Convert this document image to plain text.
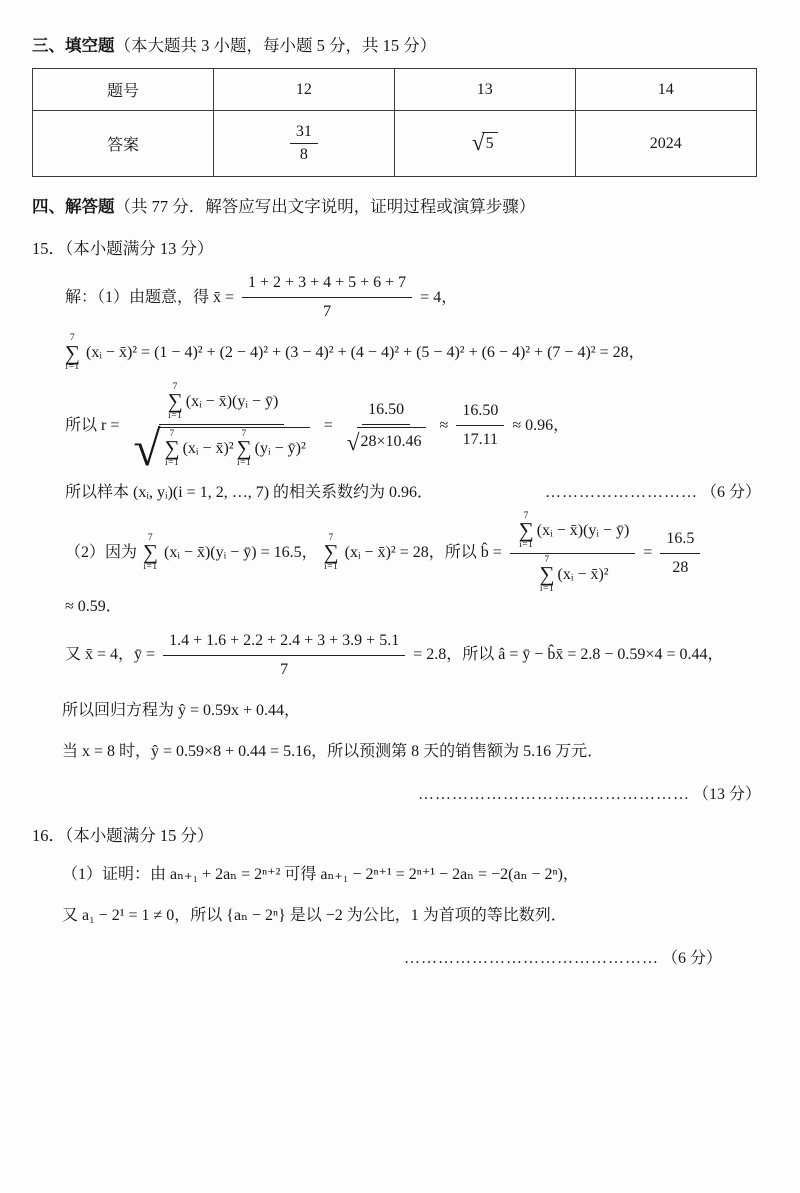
三、填空题（本大题共 3 小题，每小题 5 分，共 15 分）
题号	12	13	14
答案	$\frac{31}{8}$	√ 5	2024
四、解答题（共 77 分．解答应写出文字说明，证明过程或演算步骤）

15．（本小题满分 13 分）

解：（1）由题意，得 x̄ = $\frac{1 + 2 + 3 + 4 + 5 + 6 + 7}{7} = 4$，
7
∑
i=1
(xᵢ − x̄)² = (1 − 4)² + (2 − 4)² + (3 − 4)² + (4 − 4)² + (5 − 4)² + (6 − 4)² + (7 − 4)² = 28，
所以 r =
7
∑
i=1
(xᵢ − x̄)(yᵢ − ȳ)
√ 7
∑
i=1
(xᵢ − x̄)²
7
∑
i=1
(yᵢ − ȳ)²
= $\frac{16.50}{√ 28\times 10.46} \approx \frac{16.50}{17.11} \approx 0.96$，
所以样本 (xᵢ, yᵢ)(i = 1, 2, …, 7) 的相关系数约为 0.96．	……………………… （6 分）
（2）因为
7
∑
i=1
(xᵢ − x̄)(yᵢ − ȳ) = 16.5，
7
∑
i=1
(xᵢ − x̄)² = 28，所以 b̂ = 7
∑
i=1
(xᵢ − x̄)(yᵢ − ȳ)
7
∑
i=1
(xᵢ − x̄)² = $\frac{16.5}{28}$
≈ 0.59．
又 x̄ = 4，ȳ = $\frac{1.4 + 1.6 + 2.2 + 2.4 + 3 + 3.9 + 5.1}{7} = 2.8$，所以 â = ȳ − b̂x̄ = 2.8 − 0.59×4 = 0.44，

所以回归方程为 ŷ = 0.59x + 0.44，

当 x = 8 时，ŷ = 0.59×8 + 0.44 = 5.16，所以预测第 8 天的销售额为 5.16 万元．

………………………………………… （13 分）

16．（本小题满分 15 分）

（1）证明：由 aₙ₊₁ + 2aₙ = 2ⁿ⁺² 可得 aₙ₊₁ − 2ⁿ⁺¹ = 2ⁿ⁺¹ − 2aₙ = −2(aₙ − 2ⁿ)，

又 a₁ − 2¹ = 1 ≠ 0，所以 {aₙ − 2ⁿ} 是以 −2 为公比，1 为首项的等比数列．

……………………………………… （6 分）
